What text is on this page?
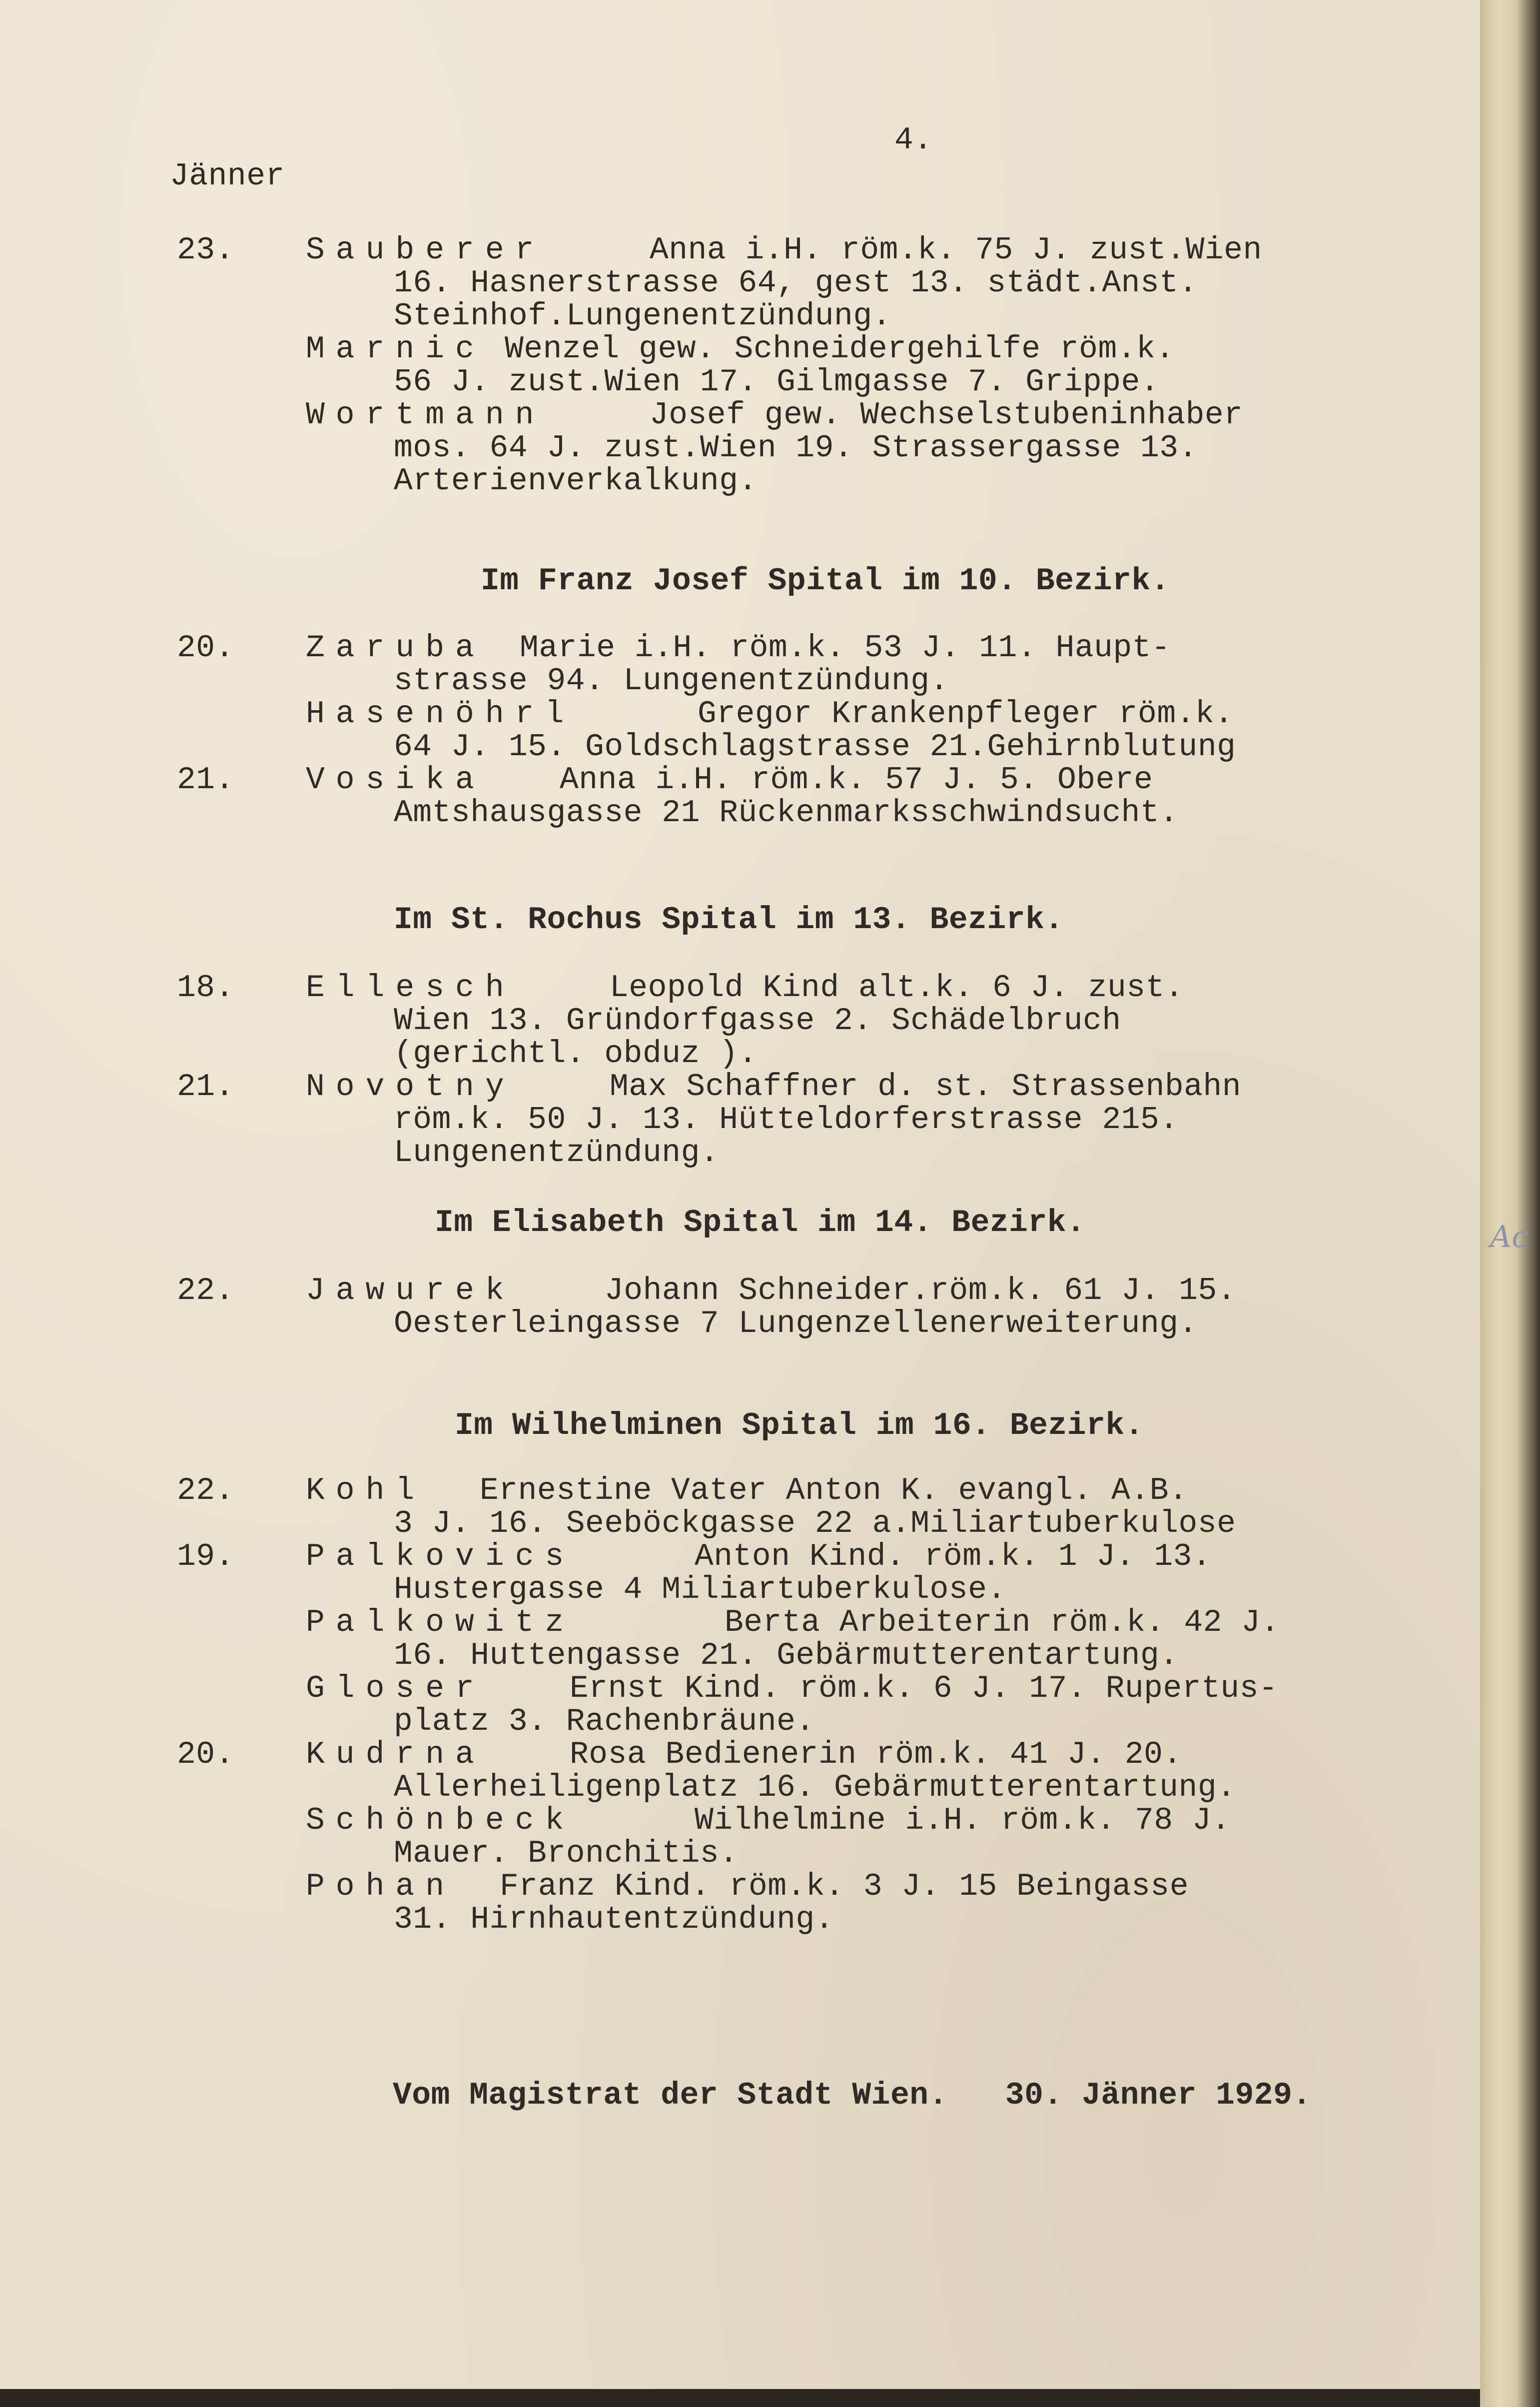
4.
Jänner
23. Sauberer	Anna i.H. röm.k. 75 J. zust.Wien
16. Hasnerstrasse 64, gest 13. städt.Anst.
Steinhof.Lungenentzündung.
Marnic Wenzel gew. Schneidergehilfe röm.k.
56 J. zust.Wien 17. Gilmgasse 7. Grippe.
Wortmann	Josef gew. Wechselstubeninhaber
mos. 64 J. zust.Wien 19. Strassergasse 13.
Arterienverkalkung.
Im Franz Josef Spital im 10. Bezirk.
20. Zaruba Marie i.H. röm.k. 53 J. 11. Haupt-
strasse 94. Lungenentzündung.
Hasenöhrl	Gregor Krankenpfleger röm.k.
64 J. 15. Goldschlagstrasse 21.Gehirnblutung
21. Vosika Anna i.H. röm.k. 57 J. 5. Obere
Amtshausgasse 21 Rückenmarksschwindsucht.
Im St. Rochus Spital im 13. Bezirk.
18. Ellesch	Leopold Kind alt.k. 6 J. zust.
Wien 13. Gründorfgasse 2. Schädelbruch
(gerichtl. obduz ).
21. Novotny	Max Schaffner d. st. Strassenbahn
röm.k. 50 J. 13. Hütteldorferstrasse 215.
Lungenentzündung.
Im Elisabeth Spital im 14. Bezirk.
22. Jawurek	Johann Schneider.röm.k. 61 J. 15.
Oesterleingasse 7 Lungenzellenerweiterung.
Im Wilhelminen Spital im 16. Bezirk.
22. Kohl Ernestine Vater Anton K. evangl. A.B.
3 J. 16. Seeböckgasse 22 a.Miliartuberkulose
19. Palkovics	Anton Kind. röm.k. 1 J. 13.
Hustergasse 4 Miliartuberkulose.
Palkowitz	Berta Arbeiterin röm.k. 42 J.
16. Huttengasse 21. Gebärmutterentartung.
Gloser	Ernst Kind. röm.k. 6 J. 17. Rupertus-
platz 3. Rachenbräune.
20. Kudrna	Rosa Bedienerin röm.k. 41 J. 20.
Allerheiligenplatz 16. Gebärmutterentartung.
Schönbeck	Wilhelmine i.H. röm.k. 78 J.
Mauer. Bronchitis.
Pohan Franz Kind. röm.k. 3 J. 15 Beingasse
31. Hirnhautentzündung.
Vom Magistrat der Stadt Wien.   30. Jänner 1929.
Ac
